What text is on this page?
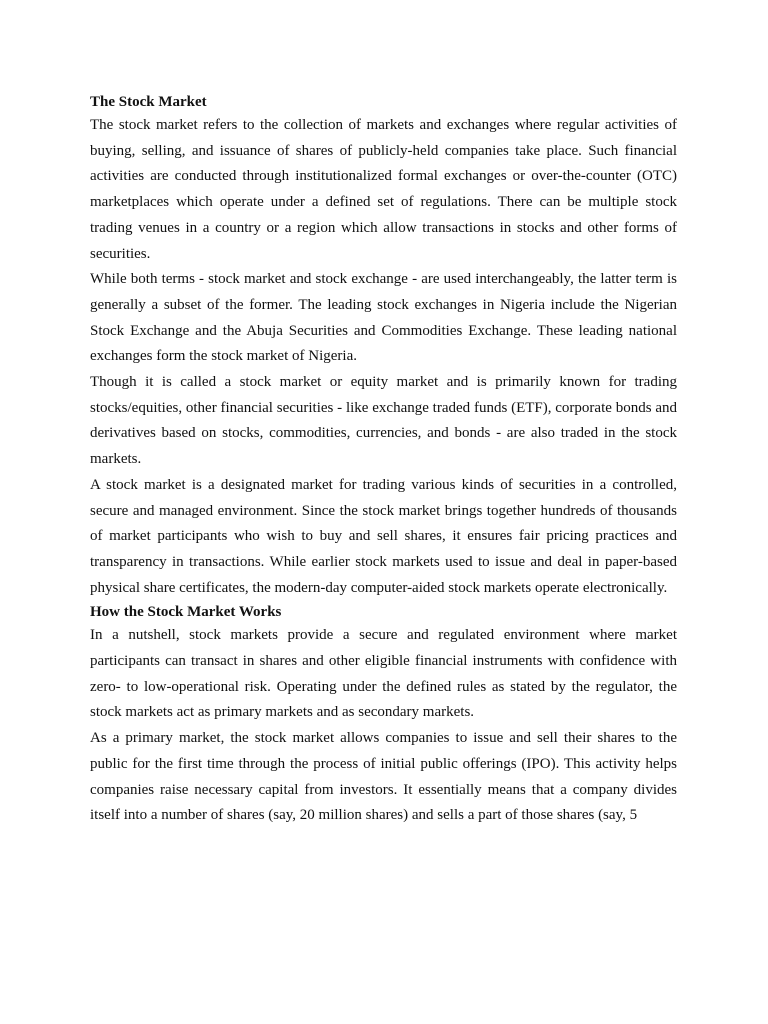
The Stock Market

The stock market refers to the collection of markets and exchanges where regular activities of buying, selling, and issuance of shares of publicly-held companies take place. Such financial activities are conducted through institutionalized formal exchanges or over-the-counter (OTC) marketplaces which operate under a defined set of regulations. There can be multiple stock trading venues in a country or a region which allow transactions in stocks and other forms of securities.

While both terms - stock market and stock exchange - are used interchangeably, the latter term is generally a subset of the former. The leading stock exchanges in Nigeria include the Nigerian Stock Exchange and the Abuja Securities and Commodities Exchange. These leading national exchanges form the stock market of Nigeria.

Though it is called a stock market or equity market and is primarily known for trading stocks/equities, other financial securities - like exchange traded funds (ETF), corporate bonds and derivatives based on stocks, commodities, currencies, and bonds - are also traded in the stock markets.

A stock market is a designated market for trading various kinds of securities in a controlled, secure and managed environment. Since the stock market brings together hundreds of thousands of market participants who wish to buy and sell shares, it ensures fair pricing practices and transparency in transactions. While earlier stock markets used to issue and deal in paper-based physical share certificates, the modern-day computer-aided stock markets operate electronically.

How the Stock Market Works

In a nutshell, stock markets provide a secure and regulated environment where market participants can transact in shares and other eligible financial instruments with confidence with zero- to low-operational risk. Operating under the defined rules as stated by the regulator, the stock markets act as primary markets and as secondary markets.

As a primary market, the stock market allows companies to issue and sell their shares to the public for the first time through the process of initial public offerings (IPO). This activity helps companies raise necessary capital from investors. It essentially means that a company divides itself into a number of shares (say, 20 million shares) and sells a part of those shares (say, 5
